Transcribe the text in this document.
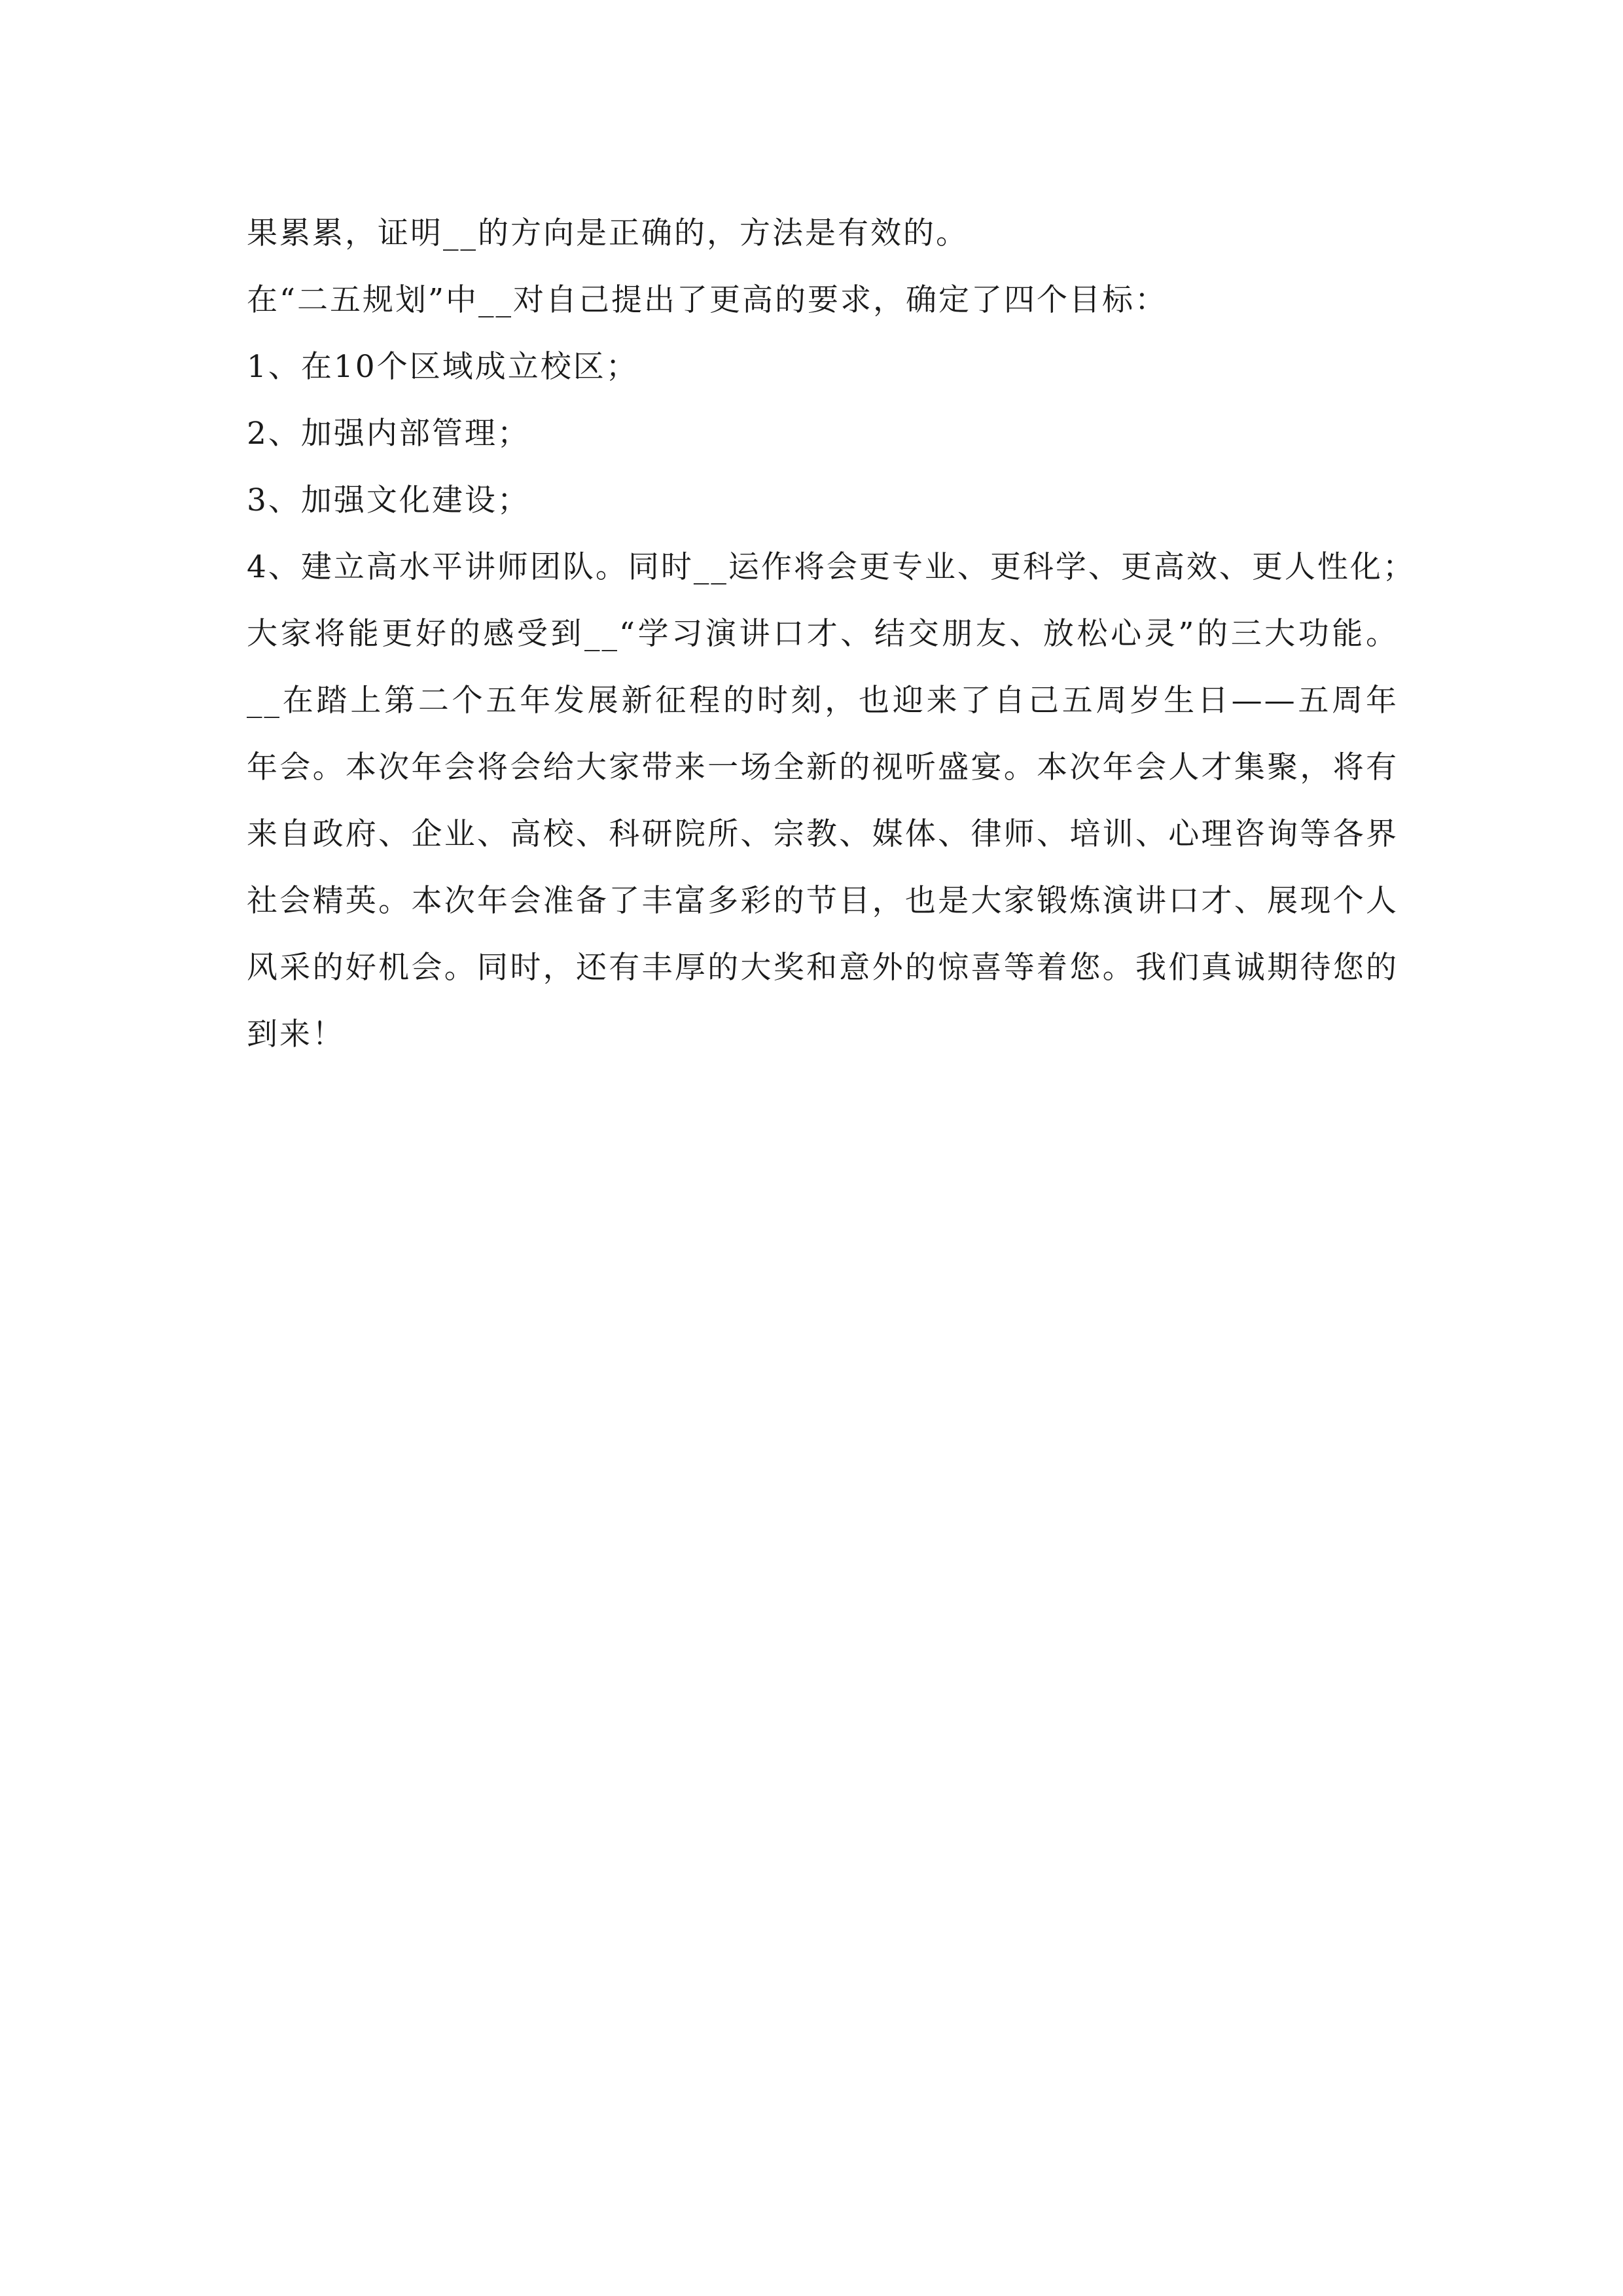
果累累，证明__的方向是正确的，方法是有效的。
在“二五规划”中__对自己提出了更高的要求，确定了四个目标：
1、在10个区域成立校区；
2、加强内部管理；
3、加强文化建设；
4、建立高水平讲师团队。同时__运作将会更专业、更科学、更高效、更人性化；
大家将能更好的感受到__“学习演讲口才、结交朋友、放松心灵”的三大功能。
__在踏上第二个五年发展新征程的时刻，也迎来了自己五周岁生日——五周年
年会。本次年会将会给大家带来一场全新的视听盛宴。本次年会人才集聚，将有
来自政府、企业、高校、科研院所、宗教、媒体、律师、培训、心理咨询等各界
社会精英。本次年会准备了丰富多彩的节目，也是大家锻炼演讲口才、展现个人
风采的好机会。同时，还有丰厚的大奖和意外的惊喜等着您。我们真诚期待您的
到来！
